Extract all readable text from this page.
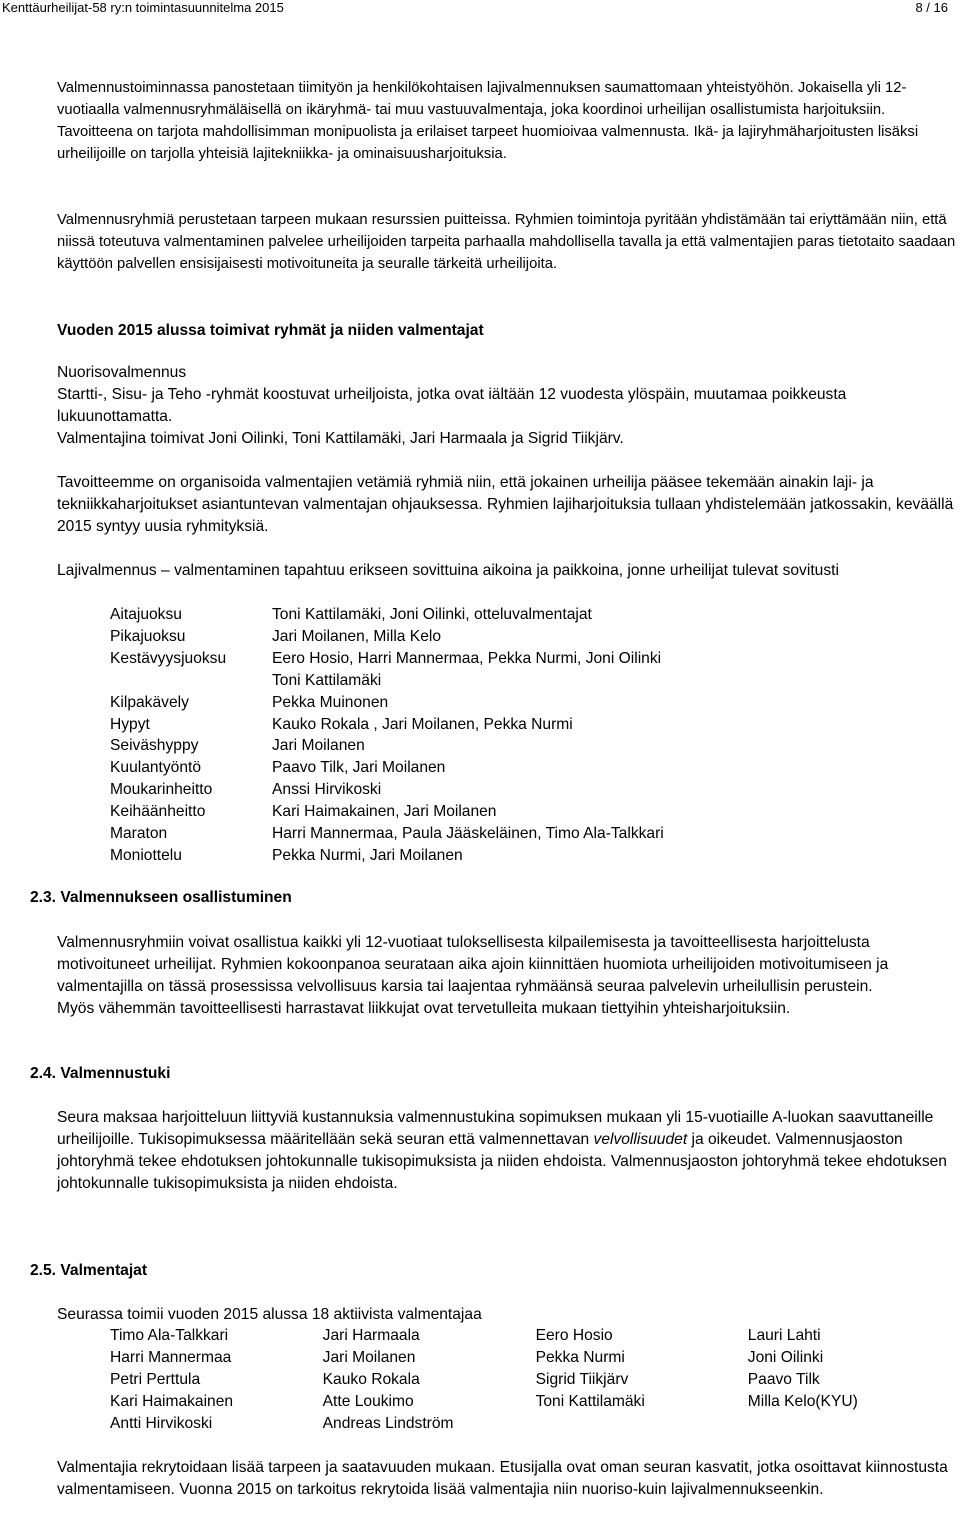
Kenttäurheilijat-58 ry:n toimintasuunnitelma 2015	8 / 16
Valmennustoiminnassa panostetaan tiimityön ja henkilökohtaisen lajivalmennuksen saumattomaan yhteistyöhön. Jokaisella yli 12-vuotiaalla valmennusryhmäläisellä on ikäryhmä- tai muu vastuuvalmentaja, joka koordinoi urheilijan osallistumista harjoituksiin. Tavoitteena on tarjota mahdollisimman monipuolista ja erilaiset tarpeet huomioivaa valmennusta. Ikä- ja lajiryhmäharjoitusten lisäksi urheilijoille on tarjolla yhteisiä lajitekniikka- ja ominaisuusharjoituksia.
Valmennusryhmiä perustetaan tarpeen mukaan resurssien puitteissa. Ryhmien toimintoja pyritään yhdistämään tai eriyttämään niin, että niissä toteutuva valmentaminen palvelee urheilijoiden tarpeita parhaalla mahdollisella tavalla ja että valmentajien paras tietotaito saadaan käyttöön palvellen ensisijaisesti motivoituneita ja seuralle tärkeitä urheilijoita.
Vuoden 2015 alussa toimivat ryhmät ja niiden valmentajat

Nuorisovalmennus

Startti-, Sisu- ja Teho -ryhmät koostuvat urheiljoista, jotka ovat iältään 12 vuodesta ylöspäin, muutamaa poikkeusta lukuunottamatta.

Valmentajina toimivat Joni Oilinki, Toni Kattilamäki, Jari Harmaala ja Sigrid Tiikjärv.

Tavoitteemme on organisoida valmentajien vetämiä ryhmiä niin, että jokainen urheilija pääsee tekemään ainakin laji- ja tekniikkaharjoitukset asiantuntevan valmentajan ohjauksessa. Ryhmien lajiharjoituksia tullaan yhdistelemään jatkossakin, keväällä 2015 syntyy uusia ryhmityksiä.
Lajivalmennus – valmentaminen tapahtuu erikseen sovittuina aikoina ja paikkoina, jonne urheilijat tulevat sovitusti
Aitajuoksu	Toni Kattilamäki, Joni Oilinki, otteluvalmentajat
Pikajuoksu	Jari Moilanen, Milla Kelo
Kestävyysjuoksu	Eero Hosio, Harri Mannermaa, Pekka Nurmi, Joni Oilinki
	Toni Kattilamäki
Kilpakävely	Pekka Muinonen
Hypyt	Kauko Rokala , Jari Moilanen, Pekka Nurmi
Seiväshyppy	Jari Moilanen
Kuulantyöntö	Paavo Tilk, Jari Moilanen
Moukarinheitto	Anssi Hirvikoski
Keihäänheitto	Kari Haimakainen, Jari Moilanen
Maraton	Harri Mannermaa, Paula Jääskeläinen, Timo Ala-Talkkari
Moniottelu	Pekka Nurmi, Jari Moilanen
2.3. Valmennukseen osallistuminen

Valmennusryhmiin voivat osallistua kaikki yli 12-vuotiaat tuloksellisesta kilpailemisesta ja tavoitteellisesta harjoittelusta motivoituneet urheilijat. Ryhmien kokoonpanoa seurataan aika ajoin kiinnittäen huomiota urheilijoiden motivoitumiseen ja valmentajilla on tässä prosessissa velvollisuus karsia tai laajentaa ryhmäänsä seuraa palvelevin urheilullisin perustein.

Myös vähemmän tavoitteellisesti harrastavat liikkujat ovat tervetulleita mukaan tiettyihin yhteisharjoituksiin.

2.4. Valmennustuki
Seura maksaa harjoitteluun liittyviä kustannuksia valmennustukina sopimuksen mukaan yli 15-vuotiaille A-luokan saavuttaneille urheilijoille. Tukisopimuksessa määritellään sekä seuran että valmennettavan velvollisuudet ja oikeudet. Valmennusjaoston johtoryhmä tekee ehdotuksen johtokunnalle tukisopimuksista ja niiden ehdoista. Valmennusjaoston johtoryhmä tekee ehdotuksen johtokunnalle tukisopimuksista ja niiden ehdoista.
2.5. Valmentajat
Seurassa toimii vuoden 2015 alussa 18 aktiivista valmentajaa
Timo Ala-Talkkari	Jari Harmaala	Eero Hosio	Lauri Lahti
Harri Mannermaa	Jari Moilanen	Pekka Nurmi	Joni Oilinki
Petri Perttula	Kauko Rokala	Sigrid Tiikjärv	Paavo Tilk
Kari Haimakainen	Atte Loukimo	Toni Kattilamäki	Milla Kelo(KYU)
Antti Hirvikoski	Andreas Lindström		
Valmentajia rekrytoidaan lisää tarpeen ja saatavuuden mukaan. Etusijalla ovat oman seuran kasvatit, jotka osoittavat kiinnostusta valmentamiseen. Vuonna 2015 on tarkoitus rekrytoida lisää valmentajia niin nuoriso-kuin lajivalmennukseenkin.
